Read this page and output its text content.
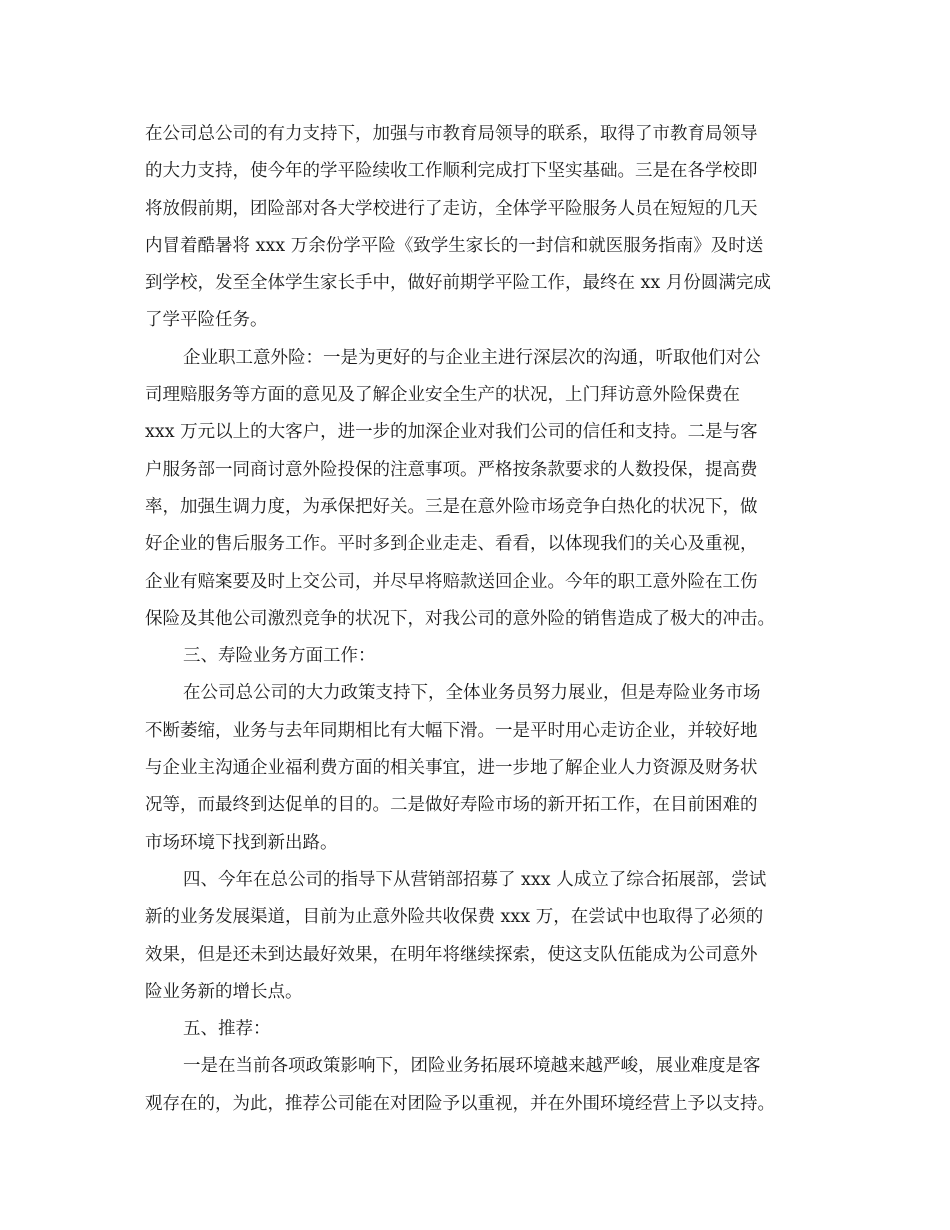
在公司总公司的有力支持下，加强与市教育局领导的联系，取得了市教育局领导
的大力支持，使今年的学平险续收工作顺利完成打下坚实基础。三是在各学校即
将放假前期，团险部对各大学校进行了走访，全体学平险服务人员在短短的几天
内冒着酷暑将 xxx 万余份学平险《致学生家长的一封信和就医服务指南》及时送
到学校，发至全体学生家长手中，做好前期学平险工作，最终在 xx 月份圆满完成
了学平险任务。
企业职工意外险：一是为更好的与企业主进行深层次的沟通，听取他们对公
司理赔服务等方面的意见及了解企业安全生产的状况，上门拜访意外险保费在
xxx 万元以上的大客户，进一步的加深企业对我们公司的信任和支持。二是与客
户服务部一同商讨意外险投保的注意事项。严格按条款要求的人数投保，提高费
率，加强生调力度，为承保把好关。三是在意外险市场竞争白热化的状况下，做
好企业的售后服务工作。平时多到企业走走、看看，以体现我们的关心及重视，
企业有赔案要及时上交公司，并尽早将赔款送回企业。今年的职工意外险在工伤
保险及其他公司激烈竞争的状况下，对我公司的意外险的销售造成了极大的冲击。
三、寿险业务方面工作：
在公司总公司的大力政策支持下，全体业务员努力展业，但是寿险业务市场
不断萎缩，业务与去年同期相比有大幅下滑。一是平时用心走访企业，并较好地
与企业主沟通企业福利费方面的相关事宜，进一步地了解企业人力资源及财务状
况等，而最终到达促单的目的。二是做好寿险市场的新开拓工作，在目前困难的
市场环境下找到新出路。
四、今年在总公司的指导下从营销部招募了 xxx 人成立了综合拓展部，尝试
新的业务发展渠道，目前为止意外险共收保费 xxx 万，在尝试中也取得了必须的
效果，但是还未到达最好效果，在明年将继续探索，使这支队伍能成为公司意外
险业务新的增长点。
五、推荐：
一是在当前各项政策影响下，团险业务拓展环境越来越严峻，展业难度是客
观存在的，为此，推荐公司能在对团险予以重视，并在外围环境经营上予以支持。
